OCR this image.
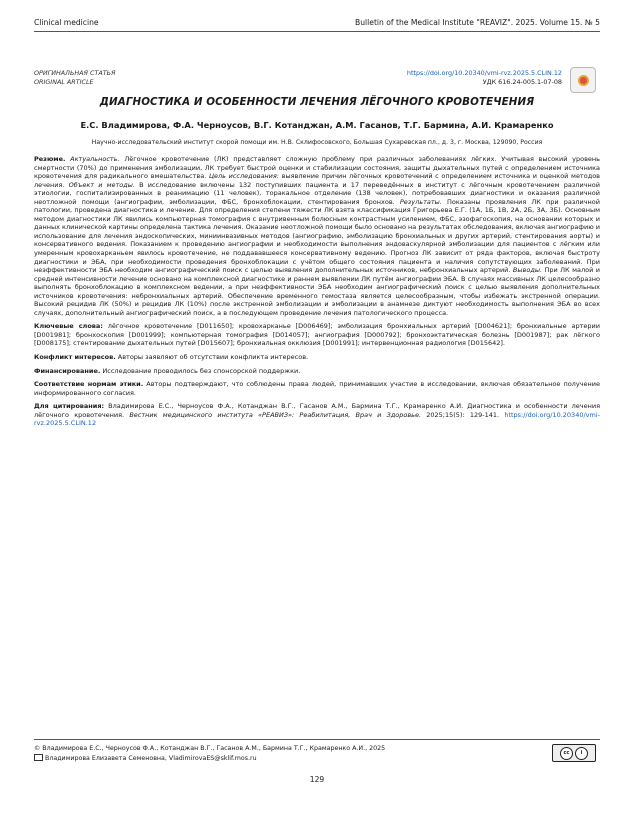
Clinical medicine	Bulletin of the Medical Institute "REAVIZ". 2025. Volume 15. № 5
ОРИГИНАЛЬНАЯ СТАТЬЯ
ORIGINAL ARTICLE
https://doi.org/10.20340/vmi-rvz.2025.5.CLIN.12
УДК 616.24-005.1-07-08
ДИАГНОСТИКА И ОСОБЕННОСТИ ЛЕЧЕНИЯ ЛЁГОЧНОГО КРОВОТЕЧЕНИЯ
Е.С. Владимирова, Ф.А. Черноусов, В.Г. Котанджан, А.М. Гасанов, Т.Г. Бармина, А.И. Крамаренко
Научно-исследовательский институт скорой помощи им. Н.В. Склифосовского, Большая Сухаревская пл., д. 3, г. Москва, 129090, Россия

Резюме. Актуальность. Лёгочное кровотечение (ЛК) представляет сложную проблему при различных заболеваниях лёгких. Учитывая высокий уровень смертности (70%) до применения эмболизации, ЛК требует быстрой оценки и стабилизации состояния, защиты дыхательных путей с определением источника кровотечения для радикального вмешательства. Цель исследования: выявление причин лёгочных кровотечений с определением источника и оценкой методов лечения. Объект и методы. В исследование включены 132 поступивших пациента и 17 переведённых в институт с лёгочным кровотечением различной этиологии, госпитализированных в реанимацию (11 человек), торакальное отделение (138 человек), потребовавших диагностики и оказания различной неотложной помощи (ангиографии, эмболизации, ФБС, бронхоблокации, стентирования бронхов. Результаты. Показаны проявления ЛК при различной патологии, проведена диагностика и лечение. Для определения степени тяжести ЛК взята классификация Григорьева Е.Г. (1А, 1Б, 1В, 2А, 2Б, 3А, 3Б). Основным методом диагностики ЛК явились компьютерная томография с внутривенным болюсным контрастным усилением, ФБС, эзофагоскопия, на основании которых и данных клинической картины определена тактика лечения. Оказание неотложной помощи было основано на результатах обследования, включая ангиографию и использование для лечения эндоскопических, миниинвазивных методов (ангиографию, эмболизацию бронхиальных и других артерий, стентирования аорты) и консервативного ведения. Показанием к проведению ангиографии и необходимости выполнения эндоваскулярной эмболизации для пациентов с лёгким или умеренным кровохарканьем явилось кровотечение, не поддававшееся консервативному ведению. Прогноз ЛК зависит от ряда факторов, включая быстроту диагностики и ЭБА, при необходимости проведения бронхоблокации с учётом общего состояния пациента и наличия сопутствующих заболеваний. При неэффективности ЭБА необходим ангиографический поиск с целью выявления дополнительных источников, небронхиальных артерий. Выводы. При ЛК малой и средней интенсивности лечение основано на комплексной диагностике и раннем выявлении ЛК путём ангиографии ЭБА. В случаях массивных ЛК целесообразно выполнять бронхоблокацию в комплексном ведении, а при неэффективности ЭБА необходим ангиографический поиск с целью выявления дополнительных источников кровотечения: небронхиальных артерий. Обеспечение временного гемостаза является целесообразным, чтобы избежать экстренной операции. Высокий рецидив ЛК (50%) и рецидив ЛК (10%) после экстренной эмболизации и эмболизации в анамнезе диктуют необходимость выполнения ЭБА во всех случаях, дополнительный ангиографический поиск, а в последующем проведение лечения патологического процесса.

Ключевые слова: лёгочное кровотечение [D011650]; кровохарканье [D006469]; эмболизация бронхиальных артерий [D004621]; бронхиальные артерии [D001981]; бронхоскопия [D001999]; компьютерная томография [D014057]; ангиография [D000792]; бронхоэктатическая болезнь [D001987]; рак лёгкого [D008175]; стентирование дыхательных путей [D015607]; бронхиальная окклюзия [D001991]; интервенционная радиология [D015642].

Конфликт интересов. Авторы заявляют об отсутствии конфликта интересов.

Финансирование. Исследование проводилось без спонсорской поддержки.

Соответствие нормам этики. Авторы подтверждают, что соблюдены права людей, принимавших участие в исследовании, включая обязательное получение информированного согласия.

Для цитирования: Владимирова Е.С., Черноусов Ф.А., Котанджан В.Г., Гасанов А.М., Бармина Т.Г., Крамаренко А.И. Диагностика и особенности лечения лёгочного кровотечения. Вестник медицинского института «РЕАВИЗ»: Реабилитация, Врач и Здоровье. 2025;15(5): 129-141. https://doi.org/10.20340/vmi-rvz.2025.5.CLIN.12

© Владимирова Е.С., Черноусов Ф.А., Котанджан В.Г., Гасанов А.М., Бармина Т.Г., Крамаренко А.И., 2025
Владимирова Елизавета Семеновна, VladimirovaES@sklif.mos.ru
cc	i
129
